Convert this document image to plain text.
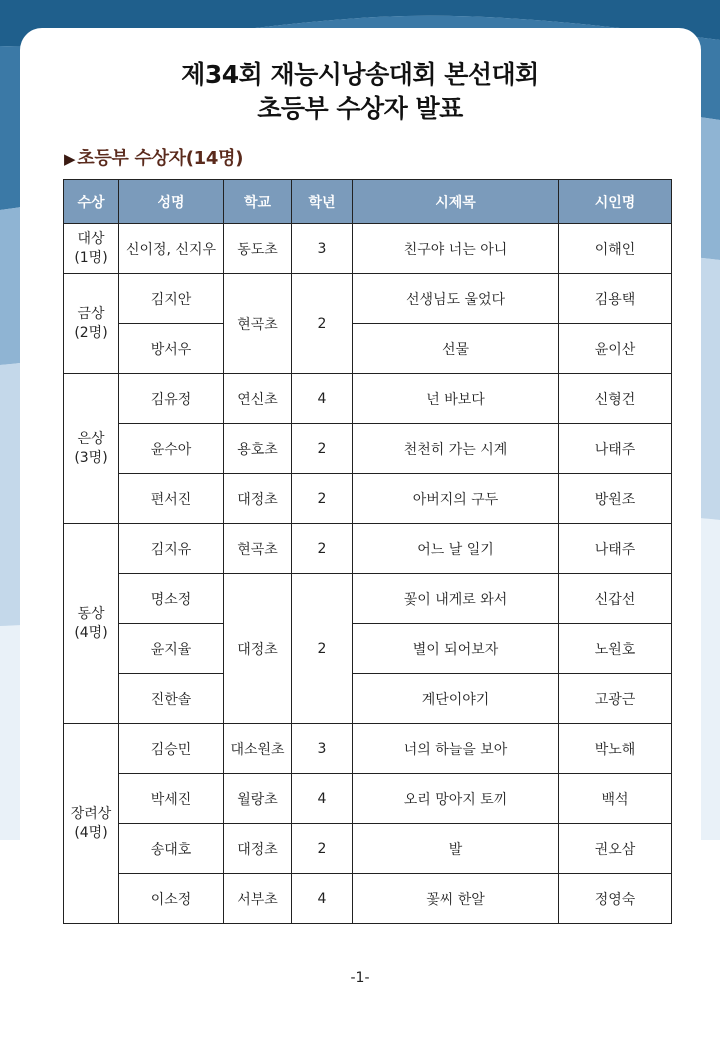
제34회 재능시낭송대회 본선대회
초등부 수상자 발표
▶ 초등부 수상자(14명)
수상	성명	학교	학년	시제목	시인명
대상
(1명)	신이정, 신지우	동도초	3	친구야 너는 아니	이해인
금상
(2명)	김지안	현곡초	2	선생님도 울었다	김용택
	방서우			선물	윤이산
은상
(3명)	김유정	연신초	4	넌 바보다	신형건
	윤수아	용호초	2	천천히 가는 시계	나태주
	편서진	대정초	2	아버지의 구두	방원조
동상
(4명)	김지유	현곡초	2	어느 날 일기	나태주
	명소정	대정초	2	꽃이 내게로 와서	신갑선
	윤지율			별이 되어보자	노원호
	진한솔			계단이야기	고광근
장려상
(4명)	김승민	대소원초	3	너의 하늘을 보아	박노해
	박세진	월랑초	4	오리 망아지 토끼	백석
	송대호	대정초	2	발	권오삼
	이소정	서부초	4	꽃씨 한알	정영숙
-1-
